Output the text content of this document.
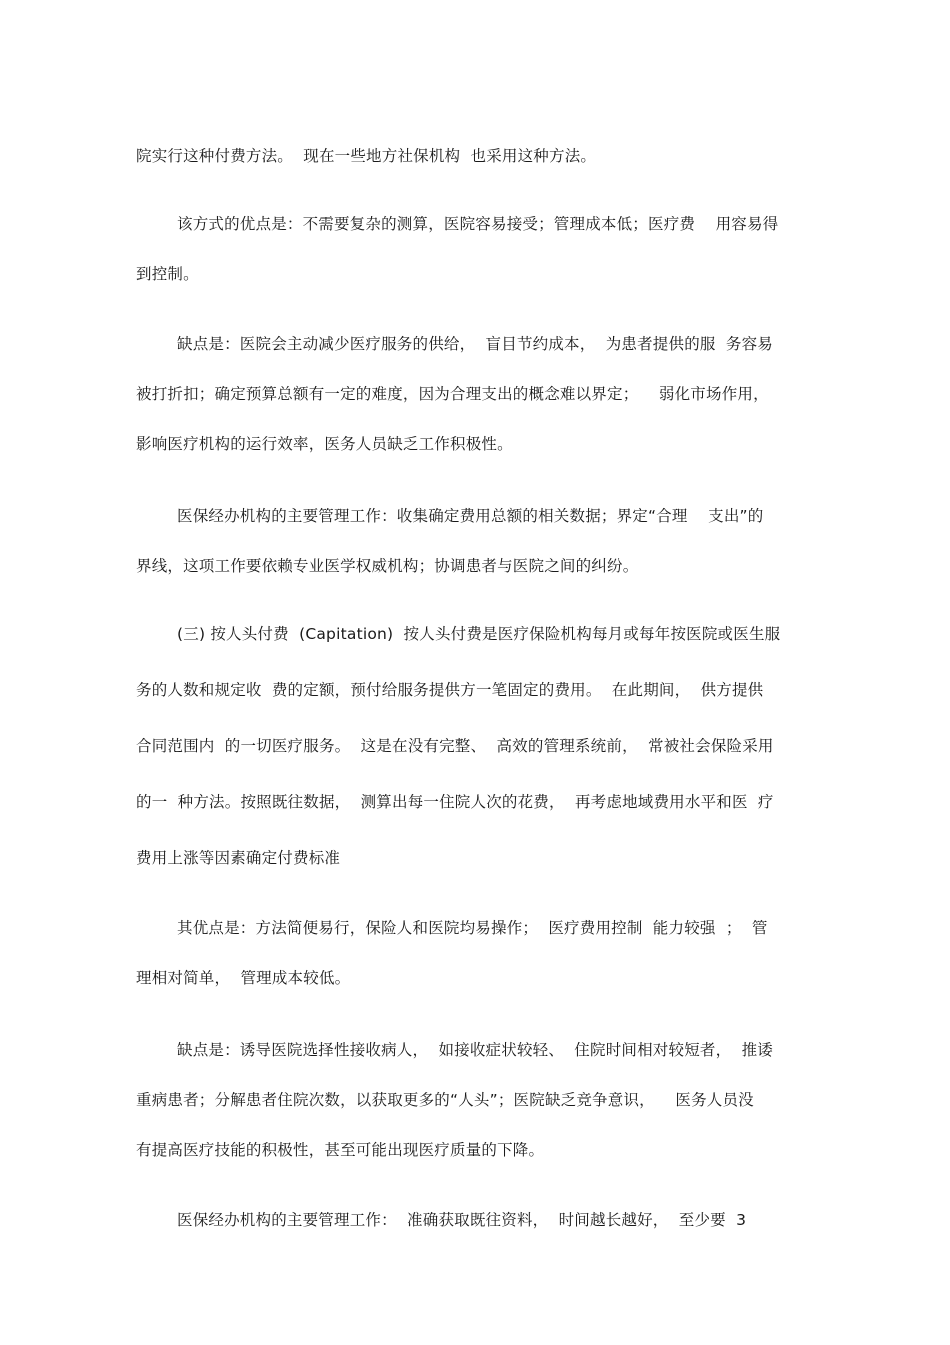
院实行这种付费方法。  现在一些地方社保机构  也采用这种方法。
该方式的优点是：不需要复杂的测算，医院容易接受；管理成本低；医疗费    用容易得
到控制。
缺点是：医院会主动减少医疗服务的供给，  盲目节约成本，  为患者提供的服  务容易
被打折扣；确定预算总额有一定的难度，因为合理支出的概念难以界定；    弱化市场作用，
影响医疗机构的运行效率，医务人员缺乏工作积极性。
医保经办机构的主要管理工作：收集确定费用总额的相关数据；界定“合理    支出”的
界线，这项工作要依赖专业医学权威机构；协调患者与医院之间的纠纷。
(三) 按人头付费  (Capitation)  按人头付费是医疗保险机构每月或每年按医院或医生服
务的人数和规定收  费的定额，预付给服务提供方一笔固定的费用。  在此期间，  供方提供
合同范围内  的一切医疗服务。  这是在没有完整、  高效的管理系统前，  常被社会保险采用
的一  种方法。按照既往数据，  测算出每一住院人次的花费，  再考虑地域费用水平和医  疗
费用上涨等因素确定付费标准
其优点是：方法简便易行，保险人和医院均易操作；  医疗费用控制  能力较强  ；  管
理相对简单，  管理成本较低。
缺点是：诱导医院选择性接收病人，  如接收症状较轻、  住院时间相对较短者，  推诿
重病患者；分解患者住院次数，以获取更多的“人头”；医院缺乏竞争意识，    医务人员没
有提高医疗技能的积极性，甚至可能出现医疗质量的下降。
医保经办机构的主要管理工作：  准确获取既往资料，  时间越长越好，  至少要  3
